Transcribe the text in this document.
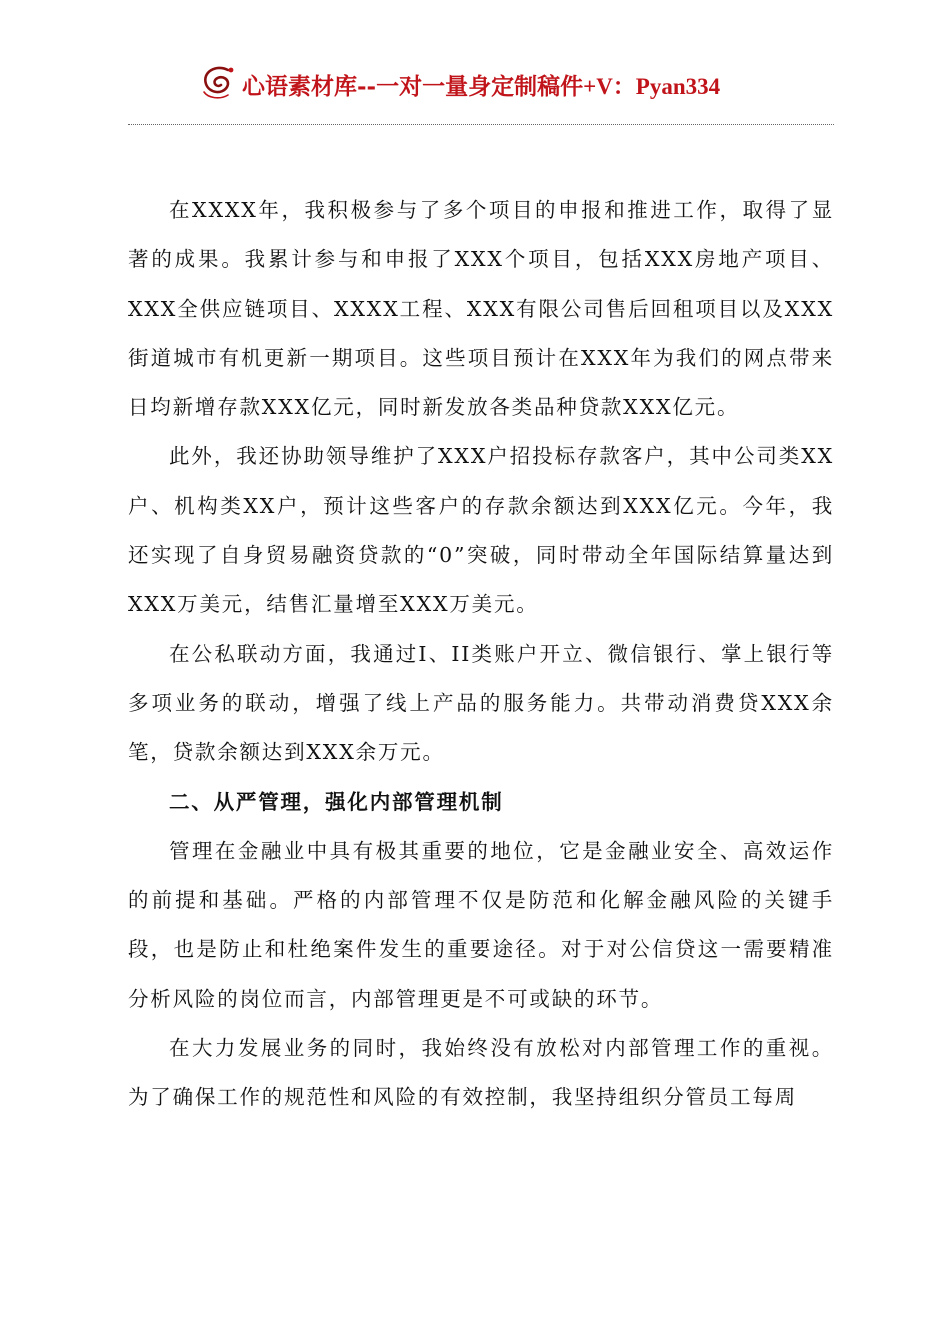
心语素材库--一对一量身定制稿件+V：Pyan334

在XXXX年，我积极参与了多个项目的申报和推进工作，取得了显著的成果。我累计参与和申报了XXX个项目，包括XXX房地产项目、XXX全供应链项目、XXXX工程、XXX有限公司售后回租项目以及XXX街道城市有机更新一期项目。这些项目预计在XXX年为我们的网点带来日均新增存款XXX亿元，同时新发放各类品种贷款XXX亿元。

此外，我还协助领导维护了XXX户招投标存款客户，其中公司类XX户、机构类XX户，预计这些客户的存款余额达到XXX亿元。今年，我还实现了自身贸易融资贷款的“0”突破，同时带动全年国际结算量达到XXX万美元，结售汇量增至XXX万美元。

在公私联动方面，我通过I、II类账户开立、微信银行、掌上银行等多项业务的联动，增强了线上产品的服务能力。共带动消费贷XXX余笔，贷款余额达到XXX余万元。

二、从严管理，强化内部管理机制

管理在金融业中具有极其重要的地位，它是金融业安全、高效运作的前提和基础。严格的内部管理不仅是防范和化解金融风险的关键手段，也是防止和杜绝案件发生的重要途径。对于对公信贷这一需要精准分析风险的岗位而言，内部管理更是不可或缺的环节。

在大力发展业务的同时，我始终没有放松对内部管理工作的重视。为了确保工作的规范性和风险的有效控制，我坚持组织分管员工每周
